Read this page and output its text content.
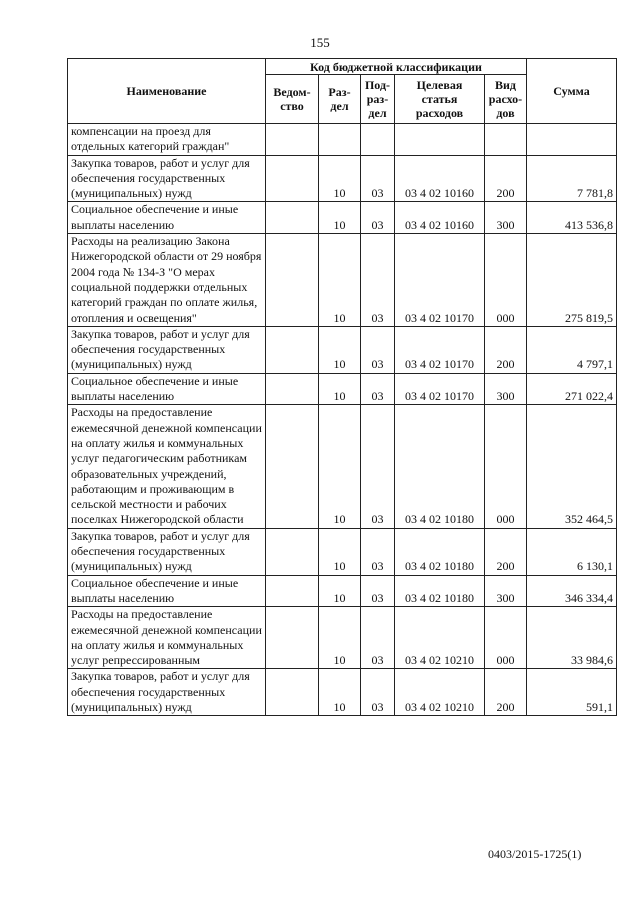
155
Наименование	Код бюджетной классификации					Сумма
	Ведом-ство	Раз-дел	Под-раз-дел	Целевая статья расходов	Вид расхо-дов	
компенсации на проезд для отдельных категорий граждан"						
Закупка товаров, работ и услуг для обеспечения государственных (муниципальных) нужд		10	03	03 4 02 10160	200	7 781,8
Социальное обеспечение и иные выплаты населению		10	03	03 4 02 10160	300	413 536,8
Расходы на реализацию Закона Нижегородской области от 29 ноября 2004 года № 134-З "О мерах социальной поддержки отдельных категорий граждан по оплате жилья, отопления и освещения"		10	03	03 4 02 10170	000	275 819,5
Закупка товаров, работ и услуг для обеспечения государственных (муниципальных) нужд		10	03	03 4 02 10170	200	4 797,1
Социальное обеспечение и иные выплаты населению		10	03	03 4 02 10170	300	271 022,4
Расходы на предоставление ежемесячной денежной компенсации на оплату жилья и коммунальных услуг педагогическим работникам образовательных учреждений, работающим и проживающим в сельской местности и рабочих поселках Нижегородской области		10	03	03 4 02 10180	000	352 464,5
Закупка товаров, работ и услуг для обеспечения государственных (муниципальных) нужд		10	03	03 4 02 10180	200	6 130,1
Социальное обеспечение и иные выплаты населению		10	03	03 4 02 10180	300	346 334,4
Расходы на предоставление ежемесячной денежной компенсации на оплату жилья и коммунальных услуг репрессированным		10	03	03 4 02 10210	000	33 984,6
Закупка товаров, работ и услуг для обеспечения государственных (муниципальных) нужд		10	03	03 4 02 10210	200	591,1
0403/2015-1725(1)
